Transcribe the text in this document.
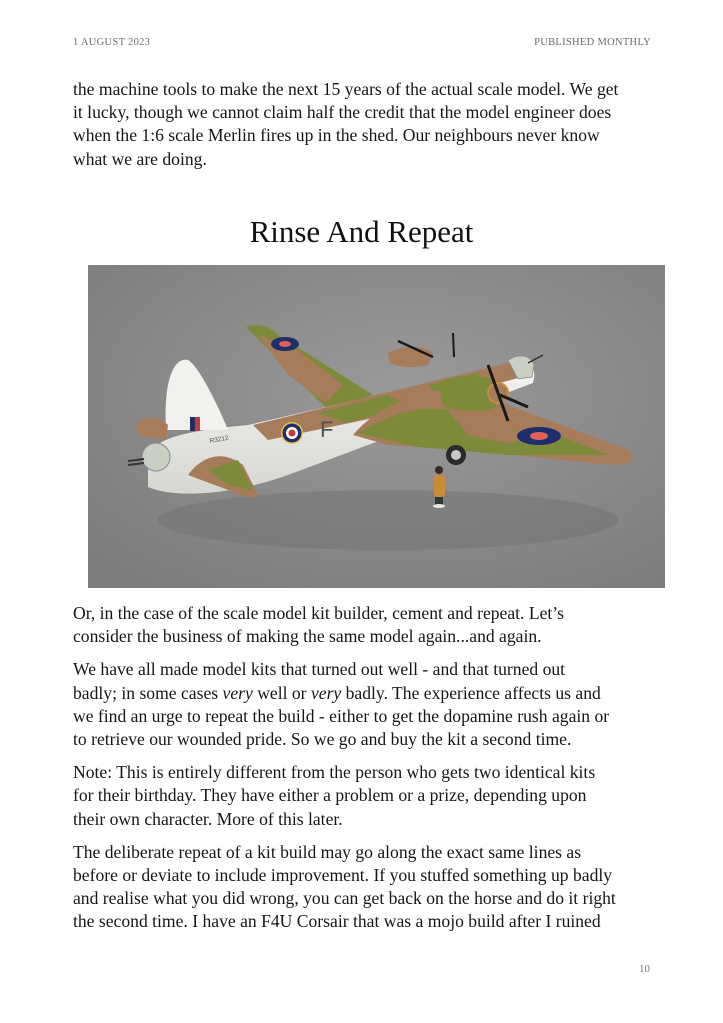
1 AUGUST 2023	PUBLISHED MONTHLY
the machine tools to make the next 15 years of the actual scale model. We get
it lucky, though we cannot claim half the credit that the model engineer does
when the 1:6 scale Merlin fires up in the shed. Our neighbours never know
what we are doing.
Rinse And Repeat
F
R3212

Or, in the case of the scale model kit builder, cement and repeat. Let’s
consider the business of making the same model again...and again.

We have all made model kits that turned out well - and that turned out
badly; in some cases very well or very badly. The experience affects us and
we find an urge to repeat the build - either to get the dopamine rush again or
to retrieve our wounded pride. So we go and buy the kit a second time.

Note: This is entirely different from the person who gets two identical kits
for their birthday. They have either a problem or a prize, depending upon
their own character. More of this later.

The deliberate repeat of a kit build may go along the exact same lines as
before or deviate to include improvement. If you stuffed something up badly
and realise what you did wrong, you can get back on the horse and do it right
the second time. I have an F4U Corsair that was a mojo build after I ruined

10
